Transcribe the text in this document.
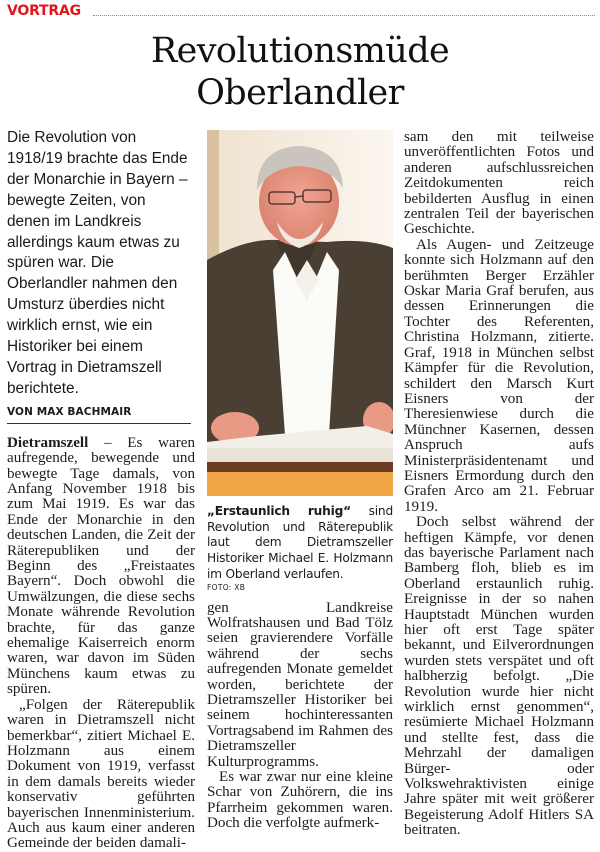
VORTRAG
Revolutionsmüde
Oberlandler
Die Revolution von 1918/19 brachte das Ende der Monarchie in Bayern – bewegte Zeiten, von denen im Landkreis allerdings kaum etwas zu spüren war. Die Oberlandler nahmen den Umsturz überdies nicht wirklich ernst, wie ein Historiker bei einem Vortrag in Dietramszell berichtete.
VON MAX BACHMAIR

Dietramszell – Es waren aufregende, bewegende und bewegte Tage damals, von Anfang November 1918 bis zum Mai 1919. Es war das Ende der Monarchie in den deutschen Landen, die Zeit der Räterepubliken und der Beginn des „Freistaates Bayern“. Doch obwohl die Umwälzungen, die diese sechs Monate währende Revolution brachte, für das ganze ehemalige Kaiserreich enorm waren, war davon im Süden Münchens kaum etwas zu spüren.

„Folgen der Räterepublik waren in Dietramszell nicht bemerkbar“, zitiert Michael E. Holzmann aus einem Dokument von 1919, verfasst in dem damals bereits wieder konservativ geführten bayerischen Innenministerium. Auch aus kaum einer anderen Gemeinde der beiden damali-

„Erstaunlich ruhig“ sind Revolution und Räterepublik laut dem Dietramszeller Historiker Michael E. Holzmann im Oberland verlaufen.
FOTO: XB

gen Landkreise Wolfratshausen und Bad Tölz seien gravierendere Vorfälle während der sechs aufregenden Monate gemeldet worden, berichtete der Dietramszeller Historiker bei seinem hochinteressanten Vortragsabend im Rahmen des Dietramszeller Kulturprogramms.

Es war zwar nur eine kleine Schar von Zuhörern, die ins Pfarrheim gekommen waren. Doch die verfolgte aufmerk-

sam den mit teilweise unveröffentlichten Fotos und anderen aufschlussreichen Zeitdokumenten reich bebilderten Ausflug in einen zentralen Teil der bayerischen Geschichte.

Als Augen- und Zeitzeuge konnte sich Holzmann auf den berühmten Berger Erzähler Oskar Maria Graf berufen, aus dessen Erinnerungen die Tochter des Referenten, Christina Holzmann, zitierte. Graf, 1918 in München selbst Kämpfer für die Revolution, schildert den Marsch Kurt Eisners von der Theresienwiese durch die Münchner Kasernen, dessen Anspruch aufs Ministerpräsidentenamt und Eisners Ermordung durch den Grafen Arco am 21. Februar 1919.

Doch selbst während der heftigen Kämpfe, vor denen das bayerische Parlament nach Bamberg floh, blieb es im Oberland erstaunlich ruhig. Ereignisse in der so nahen Hauptstadt München wurden hier oft erst Tage später bekannt, und Eilverordnungen wurden stets verspätet und oft halbherzig befolgt. „Die Revolution wurde hier nicht wirklich ernst genommen“, resümierte Michael Holzmann und stellte fest, dass die Mehrzahl der damaligen Bürger- oder Volkswehraktivisten einige Jahre später mit weit größerer Begeisterung Adolf Hitlers SA beitraten.
